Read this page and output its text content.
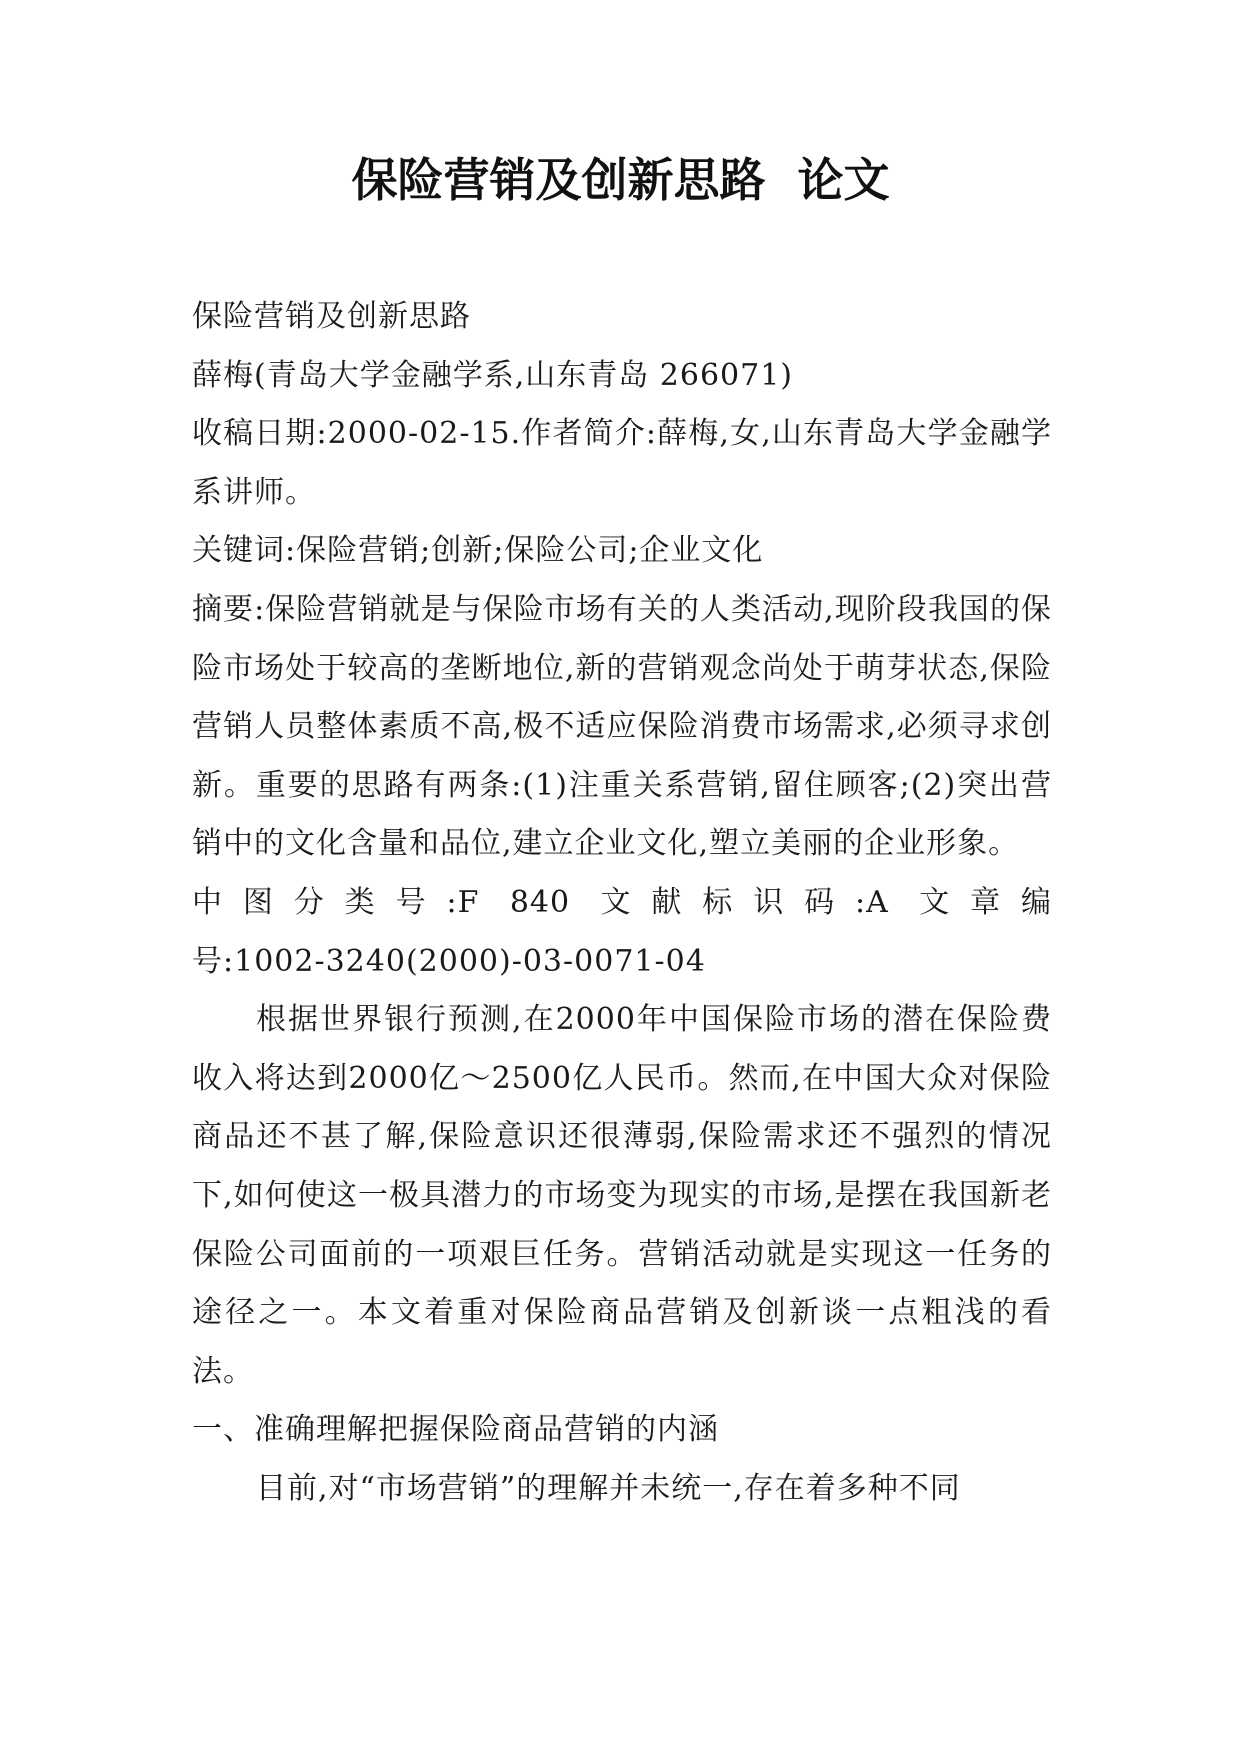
保险营销及创新思路  论文

保险营销及创新思路

薛梅(青岛大学金融学系,山东青岛 266071)

收稿日期:2000-02-15.作者简介:薛梅,女,山东青岛大学金融学系讲师。

关键词:保险营销;创新;保险公司;企业文化

摘要:保险营销就是与保险市场有关的人类活动,现阶段我国的保险市场处于较高的垄断地位,新的营销观念尚处于萌芽状态,保险营销人员整体素质不高,极不适应保险消费市场需求,必须寻求创新。重要的思路有两条:(1)注重关系营销,留住顾客;(2)突出营销中的文化含量和品位,建立企业文化,塑立美丽的企业形象。

中图分类号:F 840 文献标识码:A 文章编

号:1002-3240(2000)-03-0071-04

根据世界银行预测,在2000年中国保险市场的潜在保险费收入将达到2000亿～2500亿人民币。然而,在中国大众对保险商品还不甚了解,保险意识还很薄弱,保险需求还不强烈的情况下,如何使这一极具潜力的市场变为现实的市场,是摆在我国新老保险公司面前的一项艰巨任务。营销活动就是实现这一任务的途径之一。本文着重对保险商品营销及创新谈一点粗浅的看法。

一、准确理解把握保险商品营销的内涵

目前,对“市场营销”的理解并未统一,存在着多种不同
